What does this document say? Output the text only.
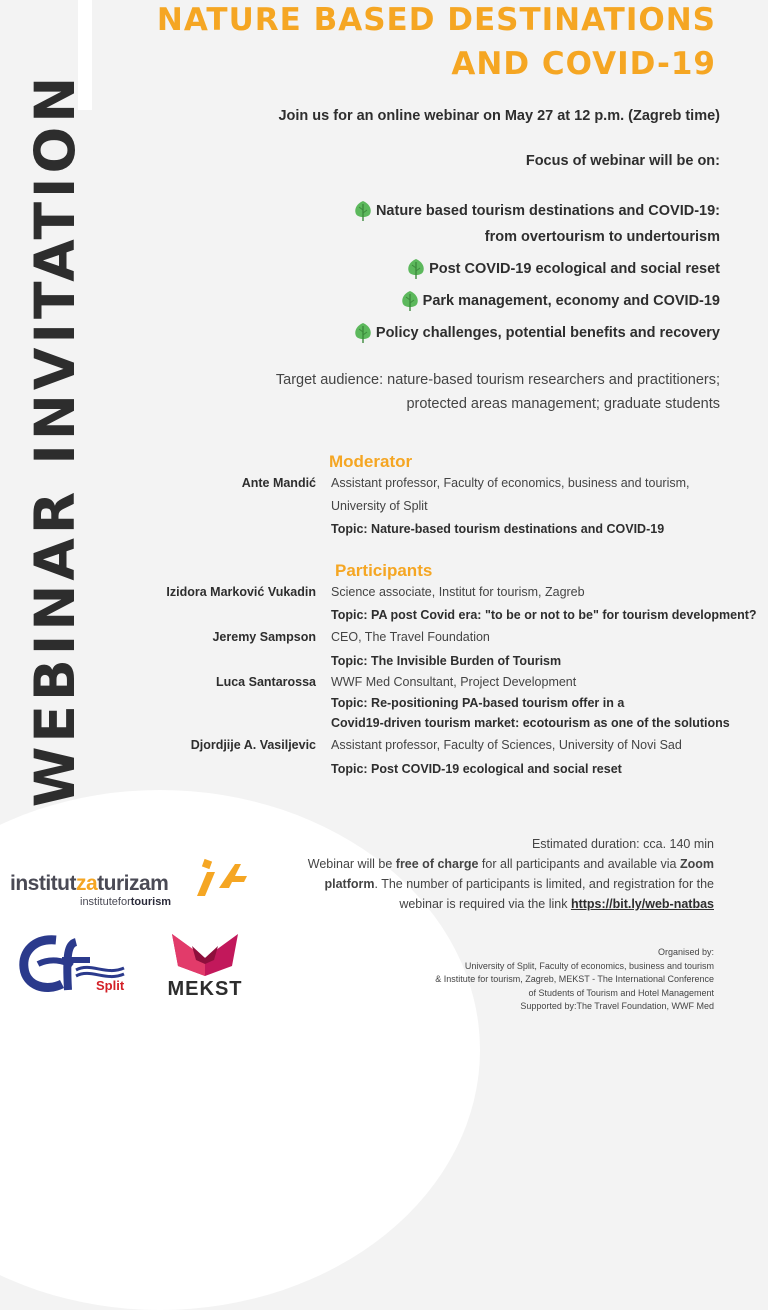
WEBINAR INVITATION
NATURE BASED DESTINATIONS
AND COVID-19
Join us for an online webinar on May 27 at 12 p.m. (Zagreb time)
Focus of webinar will be on:
Nature based tourism destinations and COVID-19:
from overtourism to undertourism
Post COVID-19 ecological and social reset
Park management, economy and COVID-19
Policy challenges, potential benefits and recovery
Target audience: nature-based tourism researchers and practitioners;
protected areas management; graduate students
Moderator
Ante Mandić Assistant professor, Faculty of economics, business and tourism,
University of Split
Topic: Nature-based tourism destinations and COVID-19
Participants
Izidora Marković Vukadin Science associate, Institut for tourism, Zagreb
Topic: PA post Covid era: "to be or not to be" for tourism development?
Jeremy Sampson CEO, The Travel Foundation
Topic: The Invisible Burden of Tourism
Luca Santarossa WWF Med Consultant, Project Development
Topic: Re-positioning PA-based tourism offer in a
Covid19-driven tourism market: ecotourism as one of the solutions
Djordjije A. Vasiljevic Assistant professor, Faculty of Sciences, University of Novi Sad
Topic: Post COVID-19 ecological and social reset
Estimated duration: cca. 140 min
Webinar will be free of charge for all participants and available via Zoom
platform. The number of participants is limited, and registration for the
webinar is required via the link https://bit.ly/web-natbas
Organised by:
University of Split, Faculty of economics, business and tourism
& Institute for tourism, Zagreb, MEKST - The International Conference
of Students of Tourism and Hotel Management
Supported by:The Travel Foundation, WWF Med
institutzaturizam
institutefortourism
Split MEKST
